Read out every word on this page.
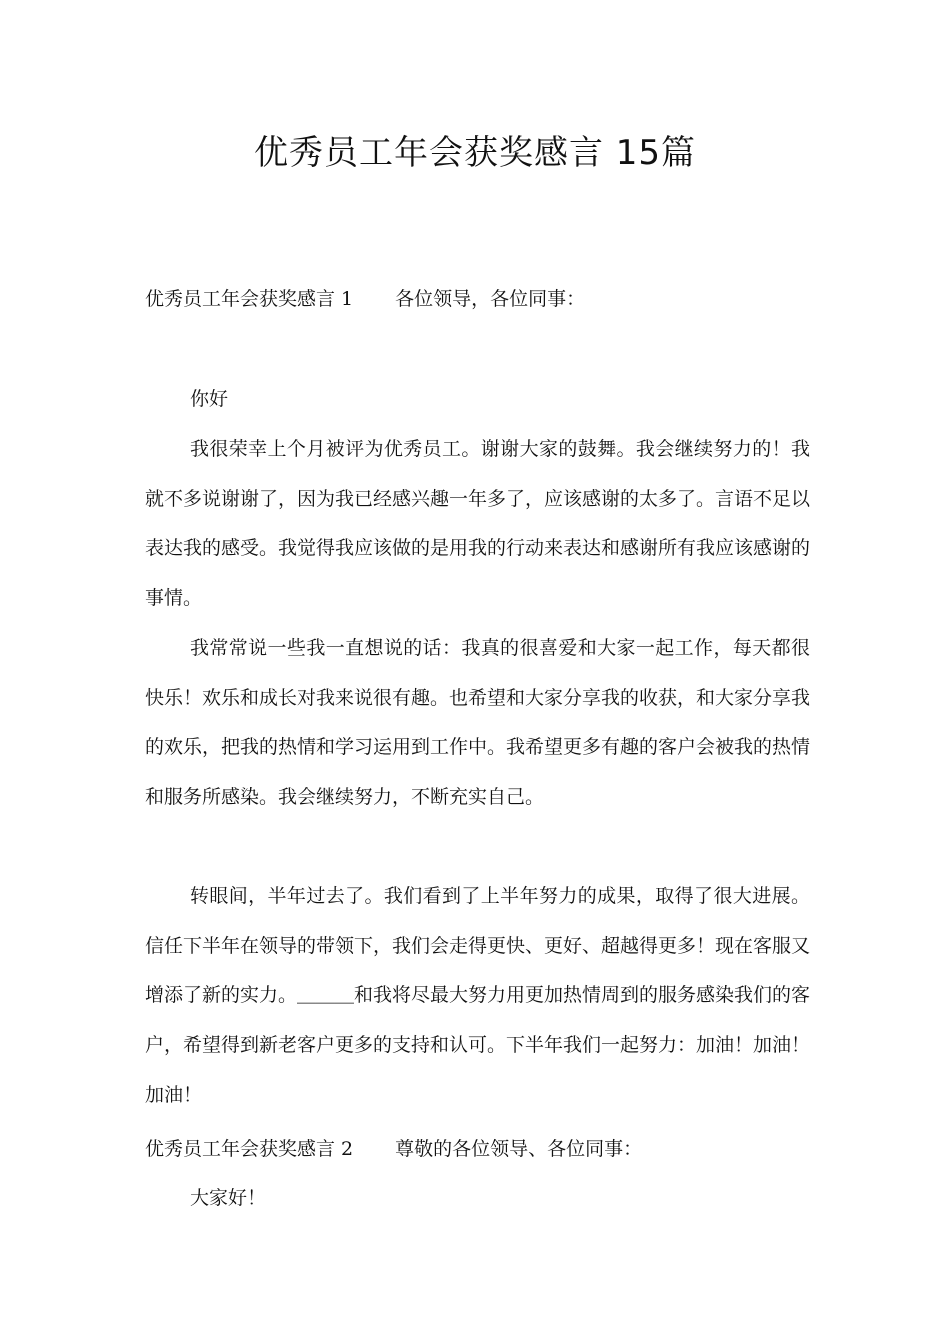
优秀员工年会获奖感言 15篇
优秀员工年会获奖感言 1 各位领导，各位同事：

你好

我很荣幸上个月被评为优秀员工。谢谢大家的鼓舞。我会继续努力的！我就不多说谢谢了，因为我已经感兴趣一年多了，应该感谢的太多了。言语不足以表达我的感受。我觉得我应该做的是用我的行动来表达和感谢所有我应该感谢的事情。

我常常说一些我一直想说的话：我真的很喜爱和大家一起工作，每天都很快乐！欢乐和成长对我来说很有趣。也希望和大家分享我的收获，和大家分享我的欢乐，把我的热情和学习运用到工作中。我希望更多有趣的客户会被我的热情和服务所感染。我会继续努力，不断充实自己。

转眼间，半年过去了。我们看到了上半年努力的成果，取得了很大进展。信任下半年在领导的带领下，我们会走得更快、更好、超越得更多！现在客服又增添了新的实力。＿＿＿和我将尽最大努力用更加热情周到的服务感染我们的客户，希望得到新老客户更多的支持和认可。下半年我们一起努力：加油！加油！加油！

优秀员工年会获奖感言 2 尊敬的各位领导、各位同事：

大家好！
